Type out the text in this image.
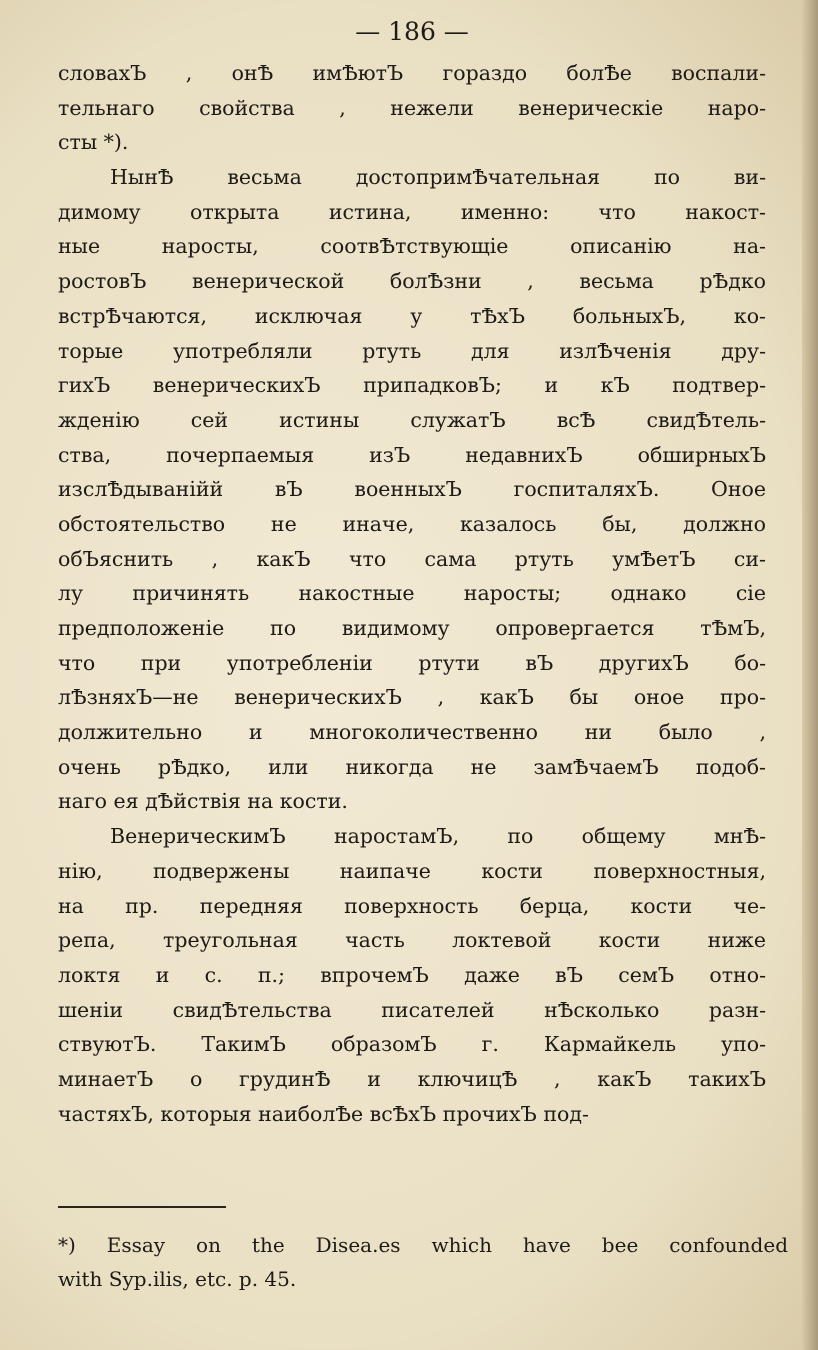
— 186 —
словахЪ , онѢ имѢютЪ гораздо болѢе воспали-
тельнаго свойства , нежели венерическіе наро-
сты *).
НынѢ весьма достопримѢчательная по ви-
димому открыта истина, именно: что накост-
ные наросты, соотвѢтствующіе описанію на-
ростовЪ венерической болѢзни , весьма рѢдко
встрѢчаются, исключая у тѢхЪ больныхЪ, ко-
торые употребляли ртуть для излѢченія дру-
гихЪ венерическихЪ припадковЪ; и кЪ подтвер-
жденію сей истины служатЪ всѢ свидѢтель-
ства, почерпаемыя изЪ недавнихЪ обширныхЪ
изслѢдыванійй вЪ военныхЪ госпиталяхЪ. Оное
обстоятельство не иначе, казалось бы, должно
обЪяснить , какЪ что сама ртуть умѢетЪ си-
лу причинять накостные наросты; однако сіе
предположеніе по видимому опровергается тѢмЪ,
что при употребленіи ртути вЪ другихЪ бо-
лѢзняхЪ—не венерическихЪ , какЪ бы оное про-
должительно и многоколичественно ни было ,
очень рѢдко, или никогда не замѢчаемЪ подоб-
наго ея дѢйствія на кости.
ВенерическимЪ наростамЪ, по общему мнѢ-
нію, подвержены наипаче кости поверхностныя,
на пр. передняя поверхность берца, кости че-
репа, треугольная часть локтевой кости ниже
локтя и с. п.; впрочемЪ даже вЪ семЪ отно-
шеніи свидѢтельства писателей нѢсколько разн-
ствуютЪ. ТакимЪ образомЪ г. Кармайкель упо-
минаетЪ о грудинѢ и ключицѢ , какЪ такихЪ
частяхЪ, которыя наиболѢе всѢхЪ прочихЪ под-
*) Essay on the Disea.es which have bee confounded
with Syp.ilis, etc. p. 45.
